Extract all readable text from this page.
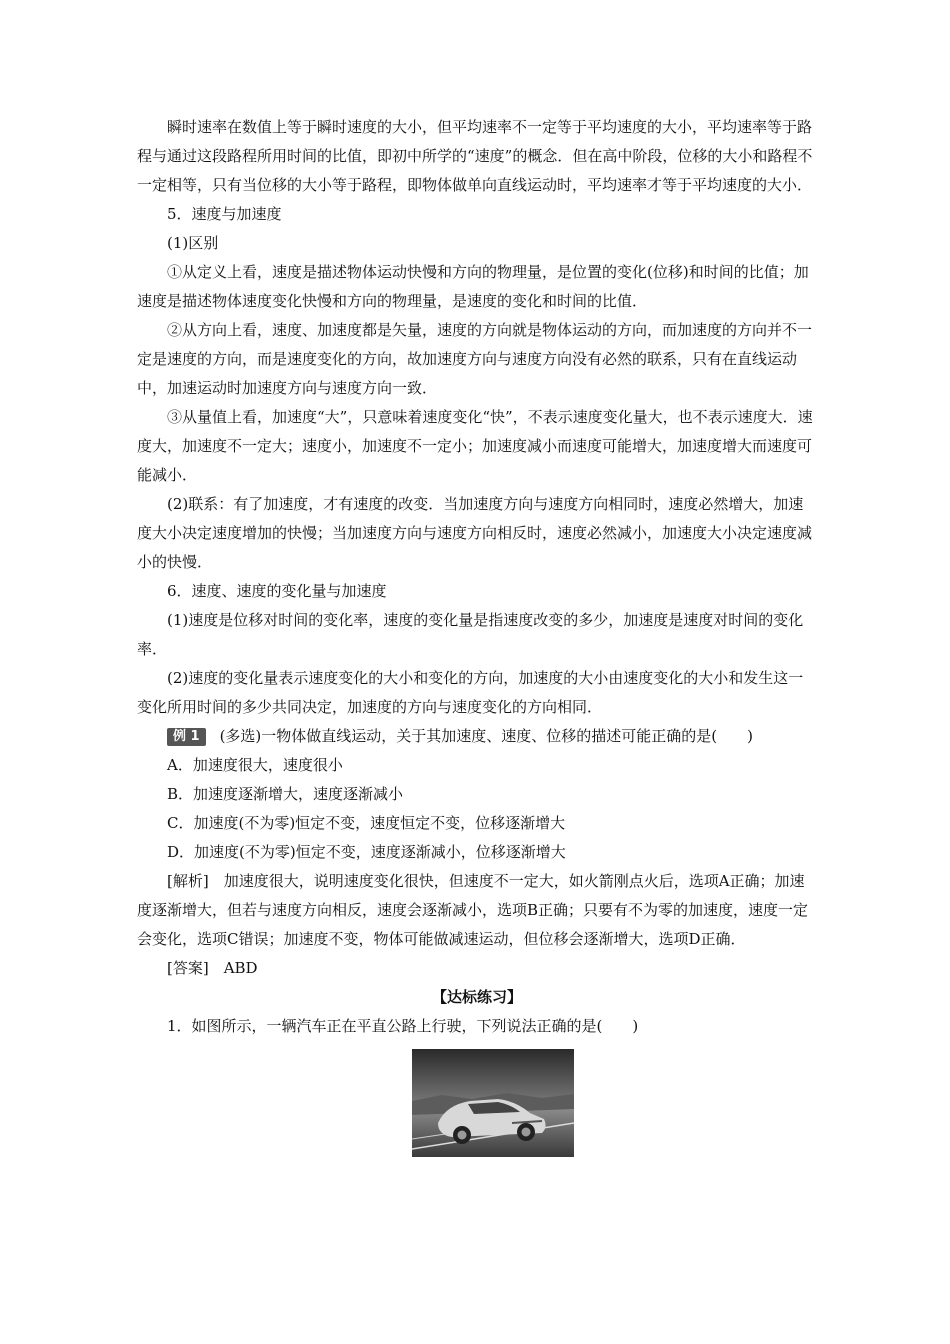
瞬时速率在数值上等于瞬时速度的大小，但平均速率不一定等于平均速度的大小，平均速率等于路程与通过这段路程所用时间的比值，即初中所学的“速度”的概念．但在高中阶段，位移的大小和路程不一定相等，只有当位移的大小等于路程，即物体做单向直线运动时，平均速率才等于平均速度的大小．

5．速度与加速度

(1)区别

①从定义上看，速度是描述物体运动快慢和方向的物理量，是位置的变化(位移)和时间的比值；加速度是描述物体速度变化快慢和方向的物理量，是速度的变化和时间的比值．

②从方向上看，速度、加速度都是矢量，速度的方向就是物体运动的方向，而加速度的方向并不一定是速度的方向，而是速度变化的方向，故加速度方向与速度方向没有必然的联系，只有在直线运动中，加速运动时加速度方向与速度方向一致．

③从量值上看，加速度“大”，只意味着速度变化“快”，不表示速度变化量大，也不表示速度大．速度大，加速度不一定大；速度小，加速度不一定小；加速度减小而速度可能增大，加速度增大而速度可能减小．

(2)联系：有了加速度，才有速度的改变．当加速度方向与速度方向相同时，速度必然增大，加速度大小决定速度增加的快慢；当加速度方向与速度方向相反时，速度必然减小，加速度大小决定速度减小的快慢．

6．速度、速度的变化量与加速度

(1)速度是位移对时间的变化率，速度的变化量是指速度改变的多少，加速度是速度对时间的变化率．

(2)速度的变化量表示速度变化的大小和变化的方向，加速度的大小由速度变化的大小和发生这一变化所用时间的多少共同决定，加速度的方向与速度变化的方向相同．

例 1 (多选)一物体做直线运动，关于其加速度、速度、位移的描述可能正确的是(　　)

A．加速度很大，速度很小

B．加速度逐渐增大，速度逐渐减小

C．加速度(不为零)恒定不变，速度恒定不变，位移逐渐增大

D．加速度(不为零)恒定不变，速度逐渐减小，位移逐渐增大

[解析]　加速度很大，说明速度变化很快，但速度不一定大，如火箭刚点火后，选项A正确；加速度逐渐增大，但若与速度方向相反，速度会逐渐减小，选项B正确；只要有不为零的加速度，速度一定会变化，选项C错误；加速度不变，物体可能做减速运动，但位移会逐渐增大，选项D正确．

[答案]　ABD

【达标练习】

1．如图所示，一辆汽车正在平直公路上行驶，下列说法正确的是(　　)
